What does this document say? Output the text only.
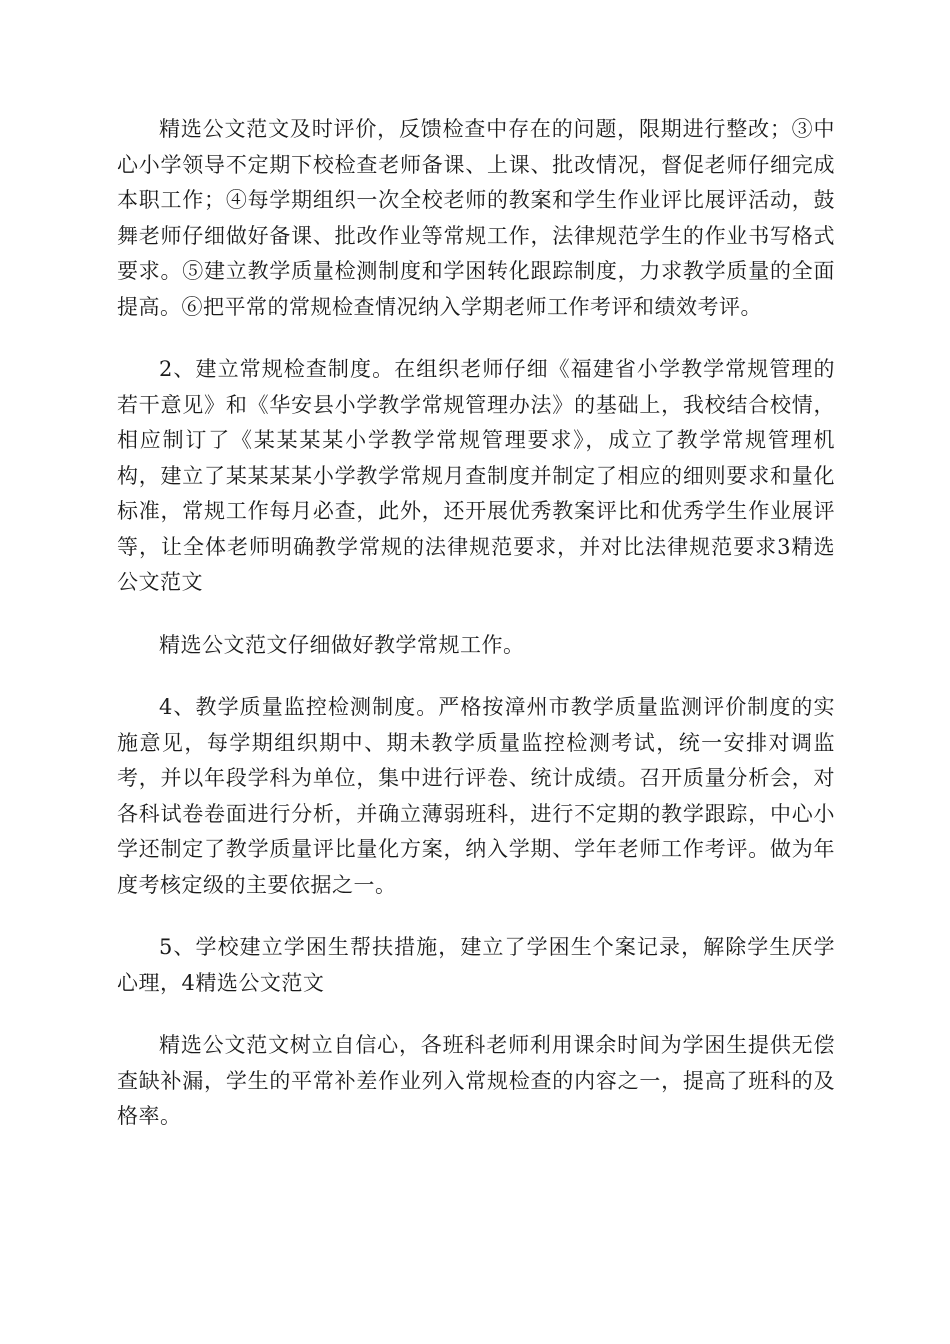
精选公文范文及时评价，反馈检查中存在的问题，限期进行整改；③中心小学领导不定期下校检查老师备课、上课、批改情况，督促老师仔细完成本职工作；④每学期组织一次全校老师的教案和学生作业评比展评活动，鼓舞老师仔细做好备课、批改作业等常规工作，法律规范学生的作业书写格式要求。⑤建立教学质量检测制度和学困转化跟踪制度，力求教学质量的全面提高。⑥把平常的常规检查情况纳入学期老师工作考评和绩效考评。

2、建立常规检查制度。在组织老师仔细《福建省小学教学常规管理的若干意见》和《华安县小学教学常规管理办法》的基础上，我校结合校情，相应制订了《某某某某小学教学常规管理要求》，成立了教学常规管理机构，建立了某某某某小学教学常规月查制度并制定了相应的细则要求和量化标准，常规工作每月必查，此外，还开展优秀教案评比和优秀学生作业展评等，让全体老师明确教学常规的法律规范要求，并对比法律规范要求3精选公文范文

精选公文范文仔细做好教学常规工作。

4、教学质量监控检测制度。严格按漳州市教学质量监测评价制度的实施意见，每学期组织期中、期未教学质量监控检测考试，统一安排对调监考，并以年段学科为单位，集中进行评卷、统计成绩。召开质量分析会，对各科试卷卷面进行分析，并确立薄弱班科，进行不定期的教学跟踪，中心小学还制定了教学质量评比量化方案，纳入学期、学年老师工作考评。做为年度考核定级的主要依据之一。

5、学校建立学困生帮扶措施，建立了学困生个案记录，解除学生厌学心理，4精选公文范文

精选公文范文树立自信心，各班科老师利用课余时间为学困生提供无偿查缺补漏，学生的平常补差作业列入常规检查的内容之一，提高了班科的及格率。
